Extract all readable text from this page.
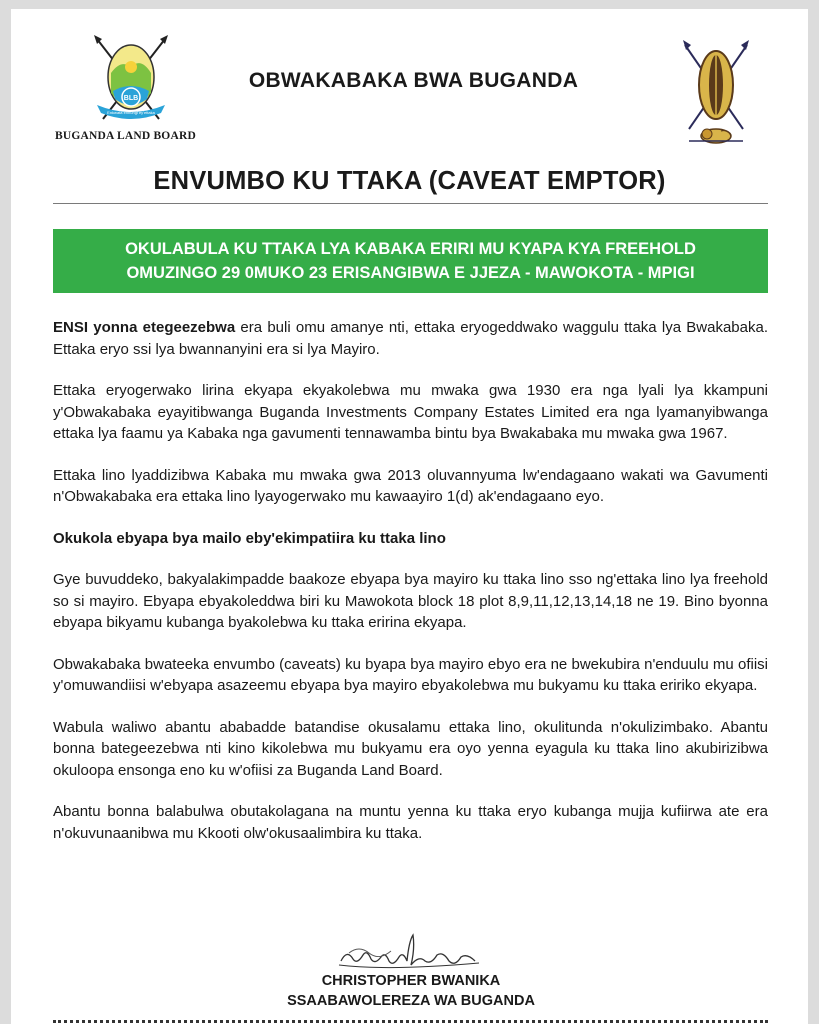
BLB
Enkwata ennungi ey'ettaka
BUGANDA LAND BOARD
OBWAKABAKA BWA BUGANDA
ENVUMBO KU TTAKA (CAVEAT EMPTOR)
OKULABULA KU TTAKA LYA KABAKA ERIRI MU KYAPA KYA FREEHOLD
OMUZINGO 29 0MUKO 23 ERISANGIBWA E JJEZA - MAWOKOTA - MPIGI

ENSI yonna etegeezebwa era buli omu amanye nti, ettaka eryogeddwako waggulu ttaka lya Bwakabaka. Ettaka eryo ssi lya bwannanyini era si lya Mayiro.

Ettaka eryogerwako lirina ekyapa ekyakolebwa mu mwaka gwa 1930 era nga lyali lya kkampuni y'Obwakabaka eyayitibwanga Buganda Investments Company Estates Limited era nga lyamanyibwanga ettaka lya faamu ya Kabaka nga gavumenti tennawamba bintu bya Bwakabaka mu mwaka gwa 1967.

Ettaka lino lyaddizibwa Kabaka mu mwaka gwa 2013 oluvannyuma lw'endagaano wakati wa Gavumenti n'Obwakabaka era ettaka lino lyayogerwako mu kawaayiro 1(d) ak'endagaano eyo.

Okukola ebyapa bya mailo eby'ekimpatiira ku ttaka lino

Gye buvuddeko, bakyalakimpadde baakoze ebyapa bya mayiro ku ttaka lino sso ng'ettaka lino lya freehold so si mayiro. Ebyapa ebyakoleddwa biri ku Mawokota block 18 plot 8,9,11,12,13,14,18 ne 19. Bino byonna ebyapa bikyamu kubanga byakolebwa ku ttaka eririna ekyapa.

Obwakabaka bwateeka envumbo (caveats) ku byapa bya mayiro ebyo era ne bwekubira n'enduulu mu ofiisi y'omuwandiisi w'ebyapa asazeemu ebyapa bya mayiro ebyakolebwa mu bukyamu ku ttaka eririko ekyapa.

Wabula waliwo abantu ababadde batandise okusalamu ettaka lino, okulitunda n'okulizimbako. Abantu bonna bategeezebwa nti kino kikolebwa mu bukyamu era oyo yenna eyagula ku ttaka lino akubirizibwa okuloopa ensonga eno ku w'ofiisi za Buganda Land Board.

Abantu bonna balabulwa obutakolagana na muntu yenna ku ttaka eryo kubanga mujja kufiirwa ate era n'okuvunaanibwa mu Kkooti olw'okusaalimbira ku ttaka.

CHRISTOPHER BWANIKA
SSAABAWOLEREZA WA BUGANDA
